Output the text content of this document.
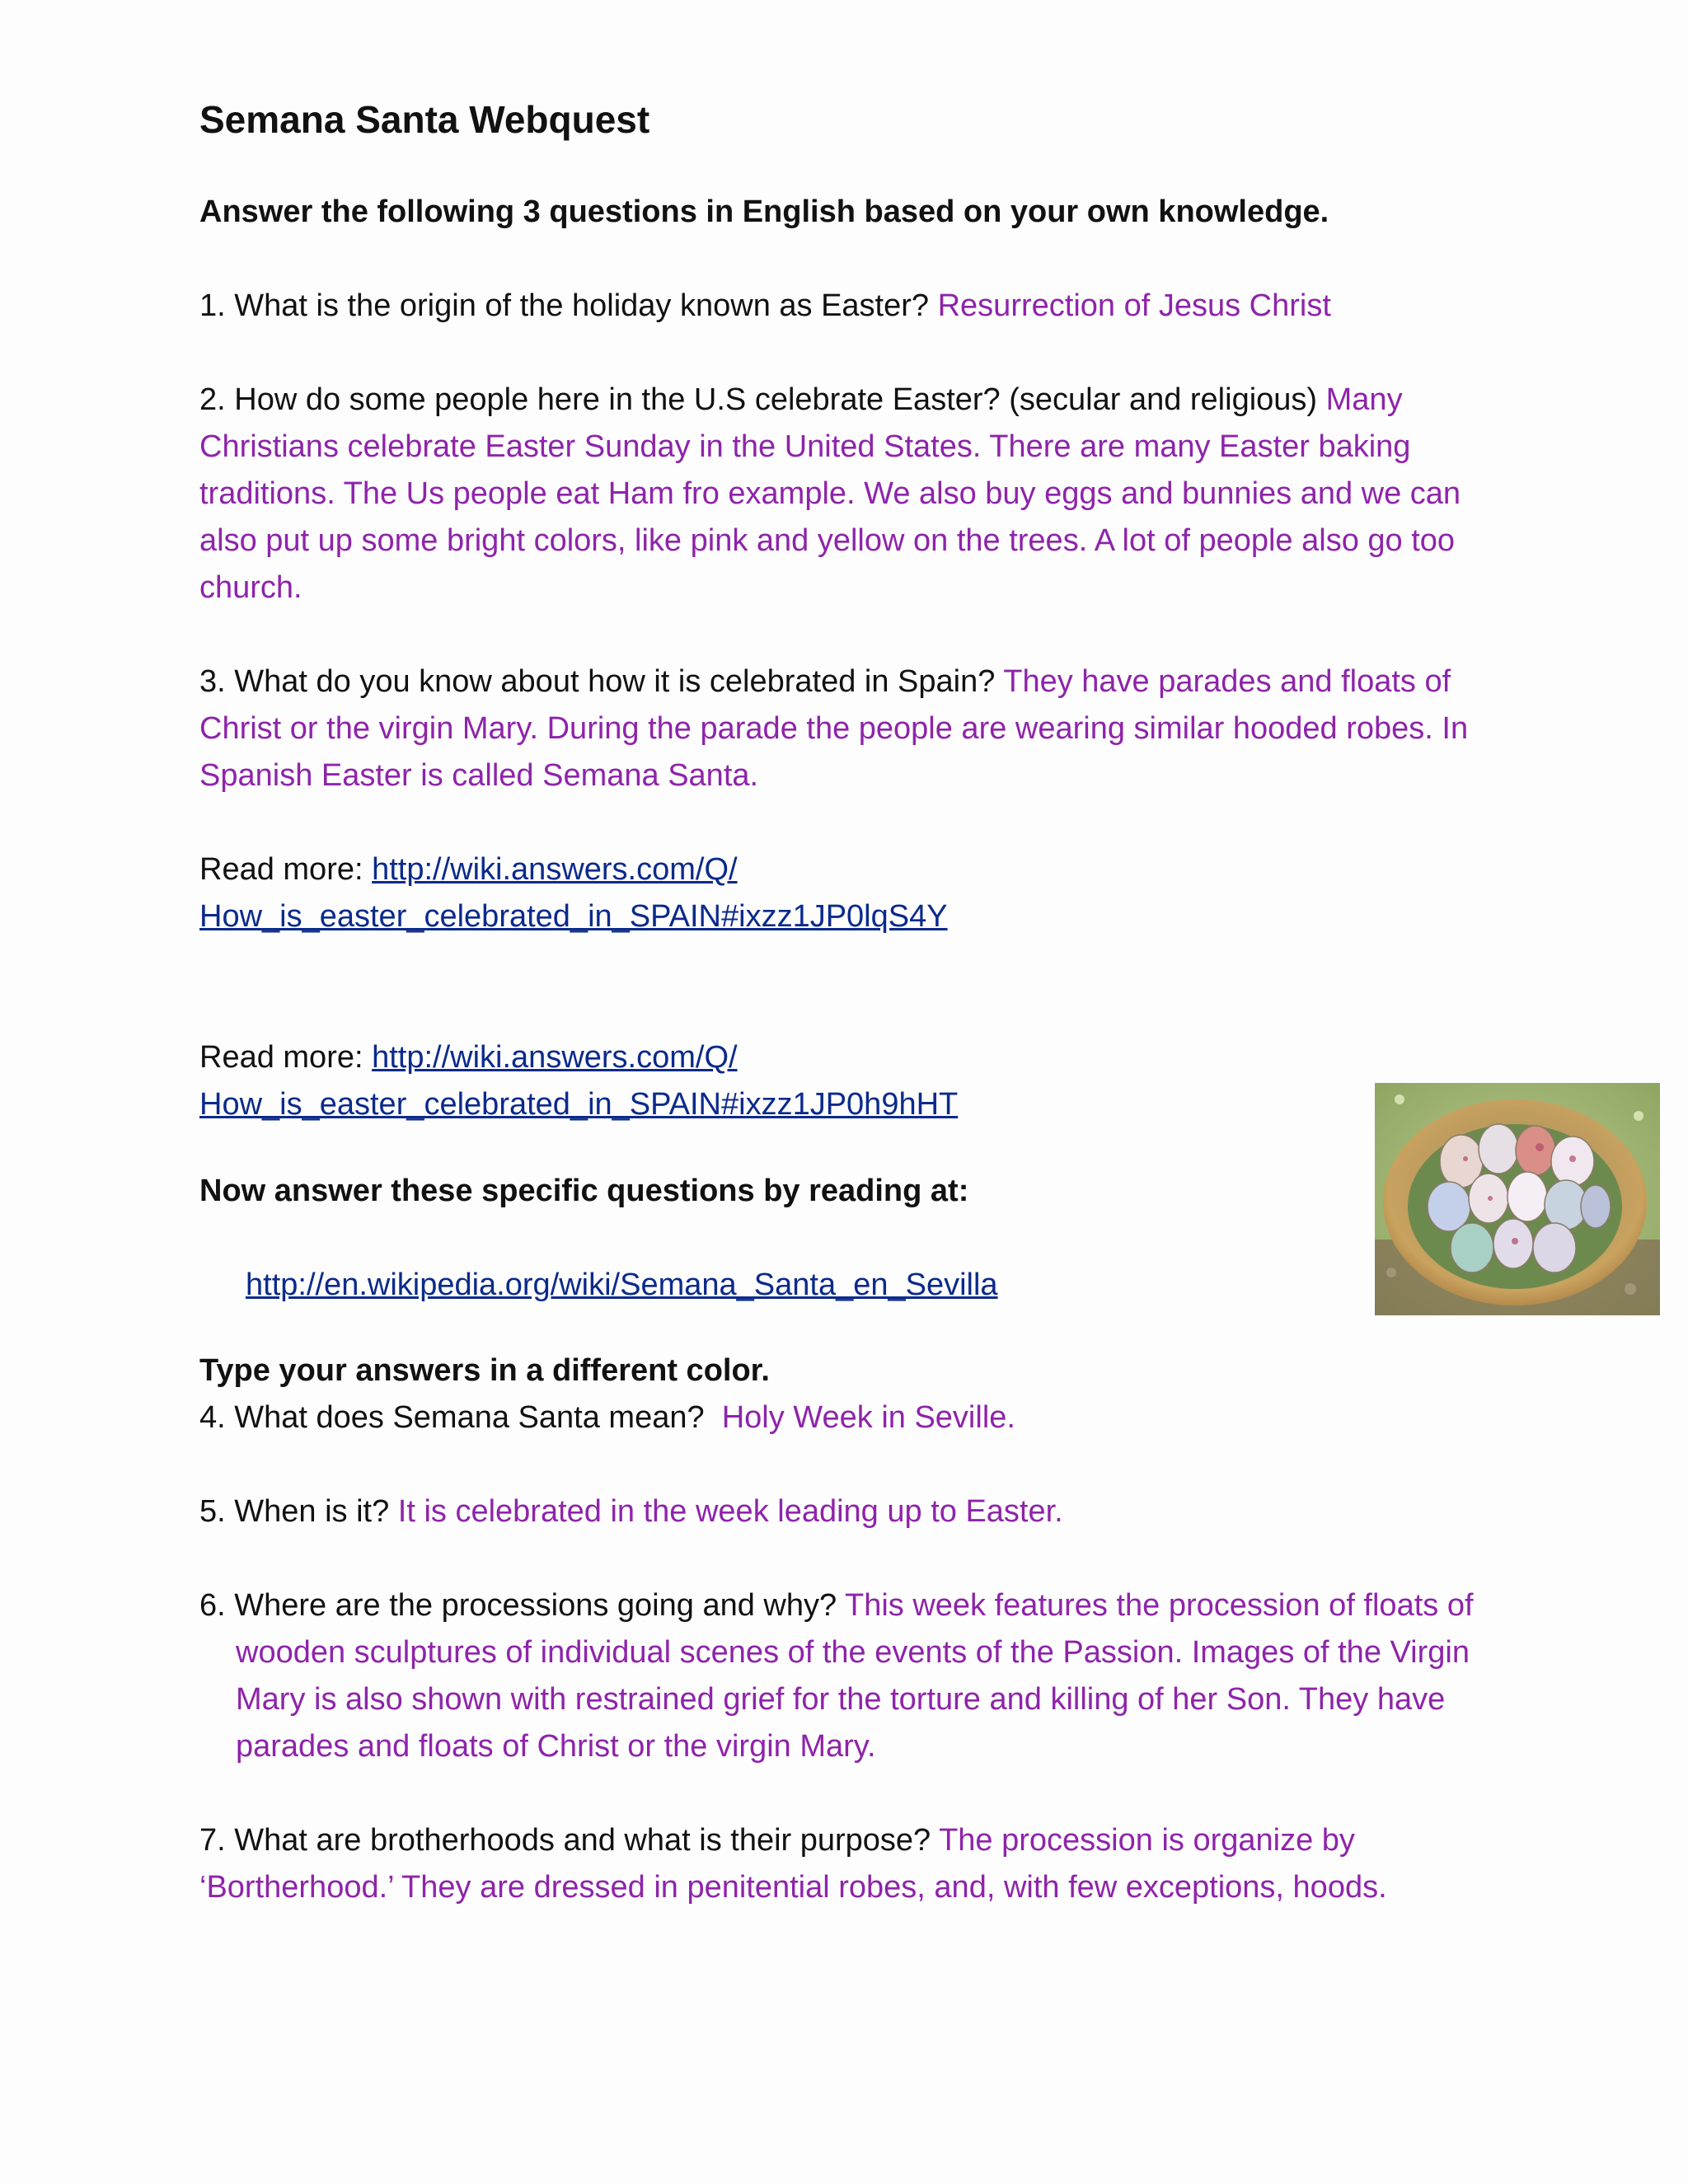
Semana Santa Webquest

Answer the following 3 questions in English based on your own knowledge.

1. What is the origin of the holiday known as Easter? Resurrection of Jesus Christ

2. How do some people here in the U.S celebrate Easter? (secular and religious) Many Christians celebrate Easter Sunday in the United States. There are many Easter baking traditions. The Us people eat Ham fro example. We also buy eggs and bunnies and we can also put up some bright colors, like pink and yellow on the trees. A lot of people also go too church.

3. What do you know about how it is celebrated in Spain? They have parades and floats of Christ or the virgin Mary. During the parade the people are wearing similar hooded robes. In Spanish Easter is called Semana Santa.

Read more: http://wiki.answers.com/Q/
How_is_easter_celebrated_in_SPAIN#ixzz1JP0lqS4Y

Read more: http://wiki.answers.com/Q/
How_is_easter_celebrated_in_SPAIN#ixzz1JP0h9hHT

Now answer these specific questions by reading at:

http://en.wikipedia.org/wiki/Semana_Santa_en_Sevilla

Type your answers in a different color.

4. What does Semana Santa mean? Holy Week in Seville.

5. When is it? It is celebrated in the week leading up to Easter.

6. Where are the processions going and why? This week features the procession of floats of wooden sculptures of individual scenes of the events of the Passion. Images of the Virgin Mary is also shown with restrained grief for the torture and killing of her Son. They have parades and floats of Christ or the virgin Mary.

7. What are brotherhoods and what is their purpose? The procession is organize by ‘Bortherhood.’ They are dressed in penitential robes, and, with few exceptions, hoods.
